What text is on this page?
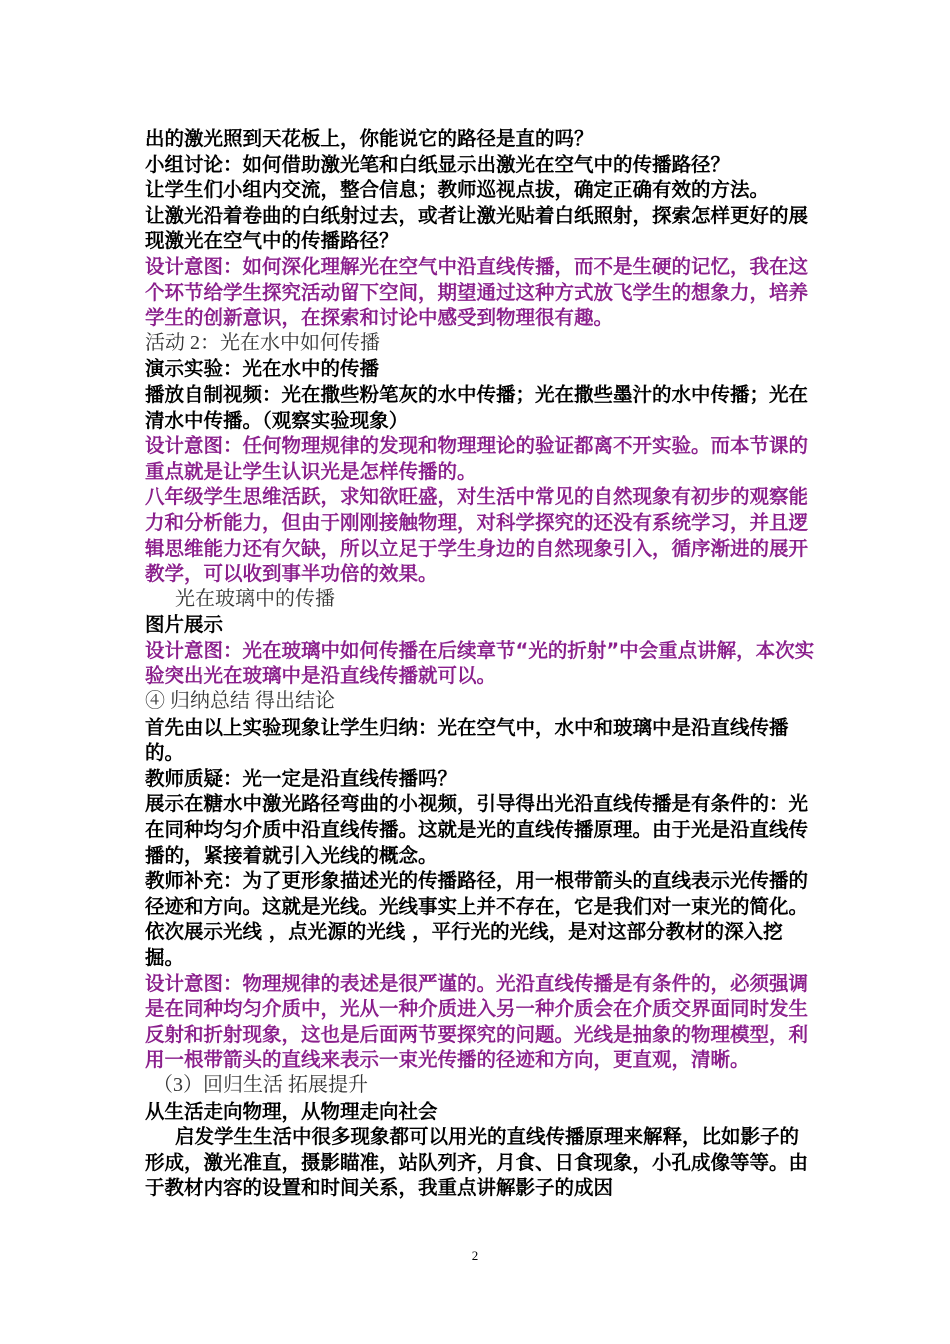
出的激光照到天花板上，你能说它的路径是直的吗？

小组讨论：如何借助激光笔和白纸显示出激光在空气中的传播路径？

让学生们小组内交流，整合信息；教师巡视点拔，确定正确有效的方法。

让激光沿着卷曲的白纸射过去，或者让激光贴着白纸照射，探索怎样更好的展现激光在空气中的传播路径？

设计意图：如何深化理解光在空气中沿直线传播，而不是生硬的记忆，我在这个环节给学生探究活动留下空间，期望通过这种方式放飞学生的想象力，培养学生的创新意识，在探索和讨论中感受到物理很有趣。

活动 2：光在水中如何传播

演示实验：光在水中的传播

播放自制视频：光在撒些粉笔灰的水中传播；光在撒些墨汁的水中传播；光在清水中传播。（观察实验现象）

设计意图：任何物理规律的发现和物理理论的验证都离不开实验。而本节课的重点就是让学生认识光是怎样传播的。

八年级学生思维活跃，求知欲旺盛，对生活中常见的自然现象有初步的观察能力和分析能力，但由于刚刚接触物理，对科学探究的还没有系统学习，并且逻辑思维能力还有欠缺，所以立足于学生身边的自然现象引入，循序渐进的展开教学，可以收到事半功倍的效果。

光在玻璃中的传播

图片展示

设计意图：光在玻璃中如何传播在后续章节“光的折射”中会重点讲解，本次实验突出光在玻璃中是沿直线传播就可以。

④ 归纳总结 得出结论

首先由以上实验现象让学生归纳：光在空气中，水中和玻璃中是沿直线传播的。

教师质疑：光一定是沿直线传播吗？

展示在糖水中激光路径弯曲的小视频，引导得出光沿直线传播是有条件的：光在同种均匀介质中沿直线传播。这就是光的直线传播原理。由于光是沿直线传播的，紧接着就引入光线的概念。

教师补充：为了更形象描述光的传播路径，用一根带箭头的直线表示光传播的径迹和方向。这就是光线。光线事实上并不存在，它是我们对一束光的简化。依次展示光线 ，点光源的光线 ，平行光的光线，是对这部分教材的深入挖掘。

设计意图：物理规律的表述是很严谨的。光沿直线传播是有条件的，必须强调是在同种均匀介质中，光从一种介质进入另一种介质会在介质交界面同时发生反射和折射现象，这也是后面两节要探究的问题。光线是抽象的物理模型，利用一根带箭头的直线来表示一束光传播的径迹和方向，更直观，清晰。

（3）回归生活 拓展提升

从生活走向物理，从物理走向社会

启发学生生活中很多现象都可以用光的直线传播原理来解释，比如影子的形成，激光准直，摄影瞄准，站队列齐，月食、日食现象，小孔成像等等。由于教材内容的设置和时间关系，我重点讲解影子的成因

2
